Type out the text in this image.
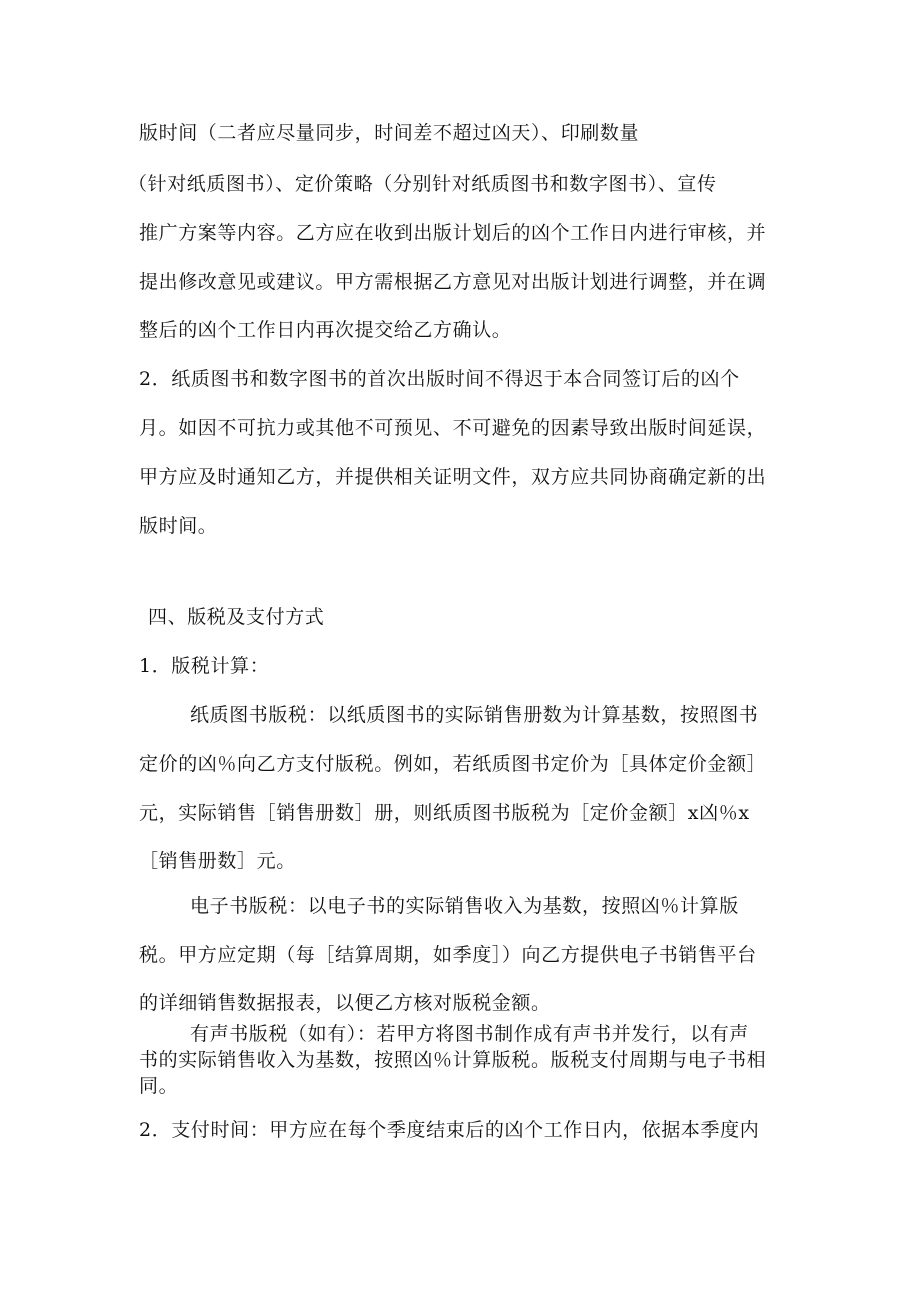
版时间（二者应尽量同步，时间差不超过凶天）、印刷数量
（针对纸质图书）、定价策略（分别针对纸质图书和数字图书）、宣传
推广方案等内容。乙方应在收到出版计划后的凶个工作日内进行审核，并
提出修改意见或建议。甲方需根据乙方意见对出版计划进行调整，并在调
整后的凶个工作日内再次提交给乙方确认。
2．纸质图书和数字图书的首次出版时间不得迟于本合同签订后的凶个
月。如因不可抗力或其他不可预见、不可避免的因素导致出版时间延误，
甲方应及时通知乙方，并提供相关证明文件，双方应共同协商确定新的出
版时间。
四、版税及支付方式
1．版税计算：
纸质图书版税：以纸质图书的实际销售册数为计算基数，按照图书
定价的凶％向乙方支付版税。例如，若纸质图书定价为［具体定价金额］
元，实际销售［销售册数］册，则纸质图书版税为［定价金额］x凶％x
［销售册数］元。
电子书版税：以电子书的实际销售收入为基数，按照凶％计算版
税。甲方应定期（每［结算周期，如季度］）向乙方提供电子书销售平台
的详细销售数据报表，以便乙方核对版税金额。
有声书版税（如有）：若甲方将图书制作成有声书并发行，以有声
书的实际销售收入为基数，按照凶％计算版税。版税支付周期与电子书相
同。
2．支付时间：甲方应在每个季度结束后的凶个工作日内，依据本季度内
